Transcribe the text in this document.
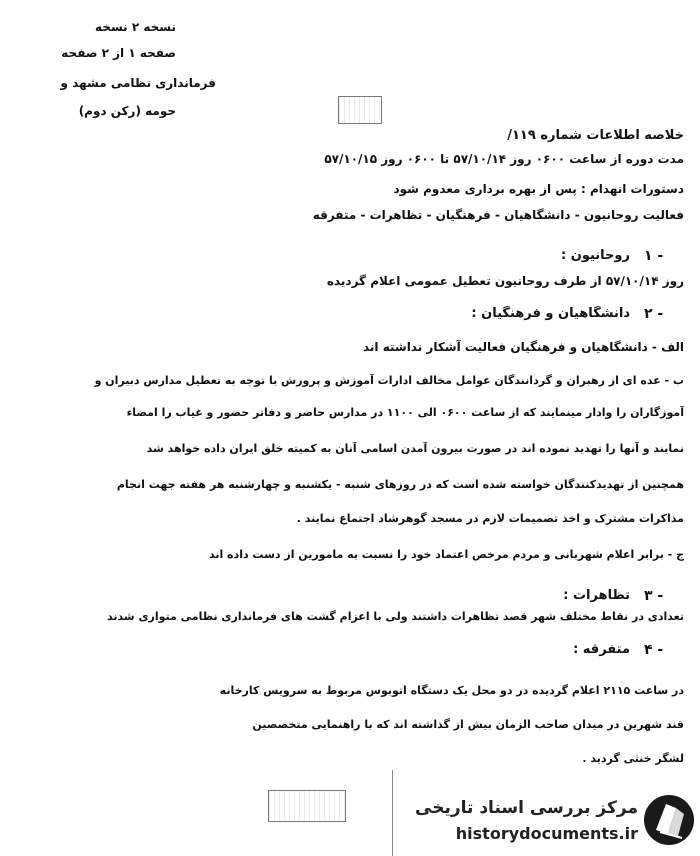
نسخه ۲ نسخه
صفحه ۱ از ۲ صفحه
فرمانداری نظامی مشهد و
حومه (رکن دوم)
خلاصه اطلاعات شماره ۱۱۹/
مدت دوره از ساعت ۰۶۰۰ روز ۵۷/۱۰/۱۴ تا ۰۶۰۰ روز ۵۷/۱۰/۱۵
دستورات انهدام : پس از بهره برداری معدوم شود
فعالیت روحانیون - دانشگاهیان - فرهنگیان - تظاهرات - متفرقه
۱ -
روحانیون :
روز ۵۷/۱۰/۱۴ از طرف روحانیون تعطیل عمومی اعلام گردیده
۲ -
دانشگاهیان و فرهنگیان :
الف - دانشگاهیان و فرهنگیان فعالیت آشکار نداشته اند
ب - عده ای از رهبران و گردانندگان عوامل مخالف ادارات آموزش و پرورش با توجه به تعطیل مدارس دبیران و
آموزگاران را وادار مینمایند که از ساعت ۰۶۰۰ الی ۱۱۰۰ در مدارس حاضر و دفاتر حضور و غیاب را امضاء
نمایند و آنها را تهدید نموده اند در صورت بیرون آمدن اسامی آنان به کمیته خلق ایران داده خواهد شد
همچنین از تهدیدکنندگان خواسته شده است که در روزهای شنبه - یکشنبه و چهارشنبه هر هفته جهت انجام
مذاکرات مشترک و اخذ تصمیمات لازم در مسجد گوهرشاد اجتماع نمایند .
ج - برابر اعلام شهربانی و مردم مرخص اعتماد خود را نسبت به مامورین از دست داده اند
۳ -
تظاهرات :
تعدادی در نقاط مختلف شهر قصد تظاهرات داشتند ولی با اعزام گشت های فرمانداری نظامی متواری شدند
۴ -
متفرقه :
در ساعت ۲۱۱۵ اعلام گردیده در دو محل یک دستگاه اتوبوس مربوط به سرویس کارخانه
قند شهرین در میدان صاحب الزمان بیش از گذاشته اند که با راهنمایی متخصصین
لشگر خنثی گردید .
مرکز بررسی اسناد تاریخی
historydocuments.ir
